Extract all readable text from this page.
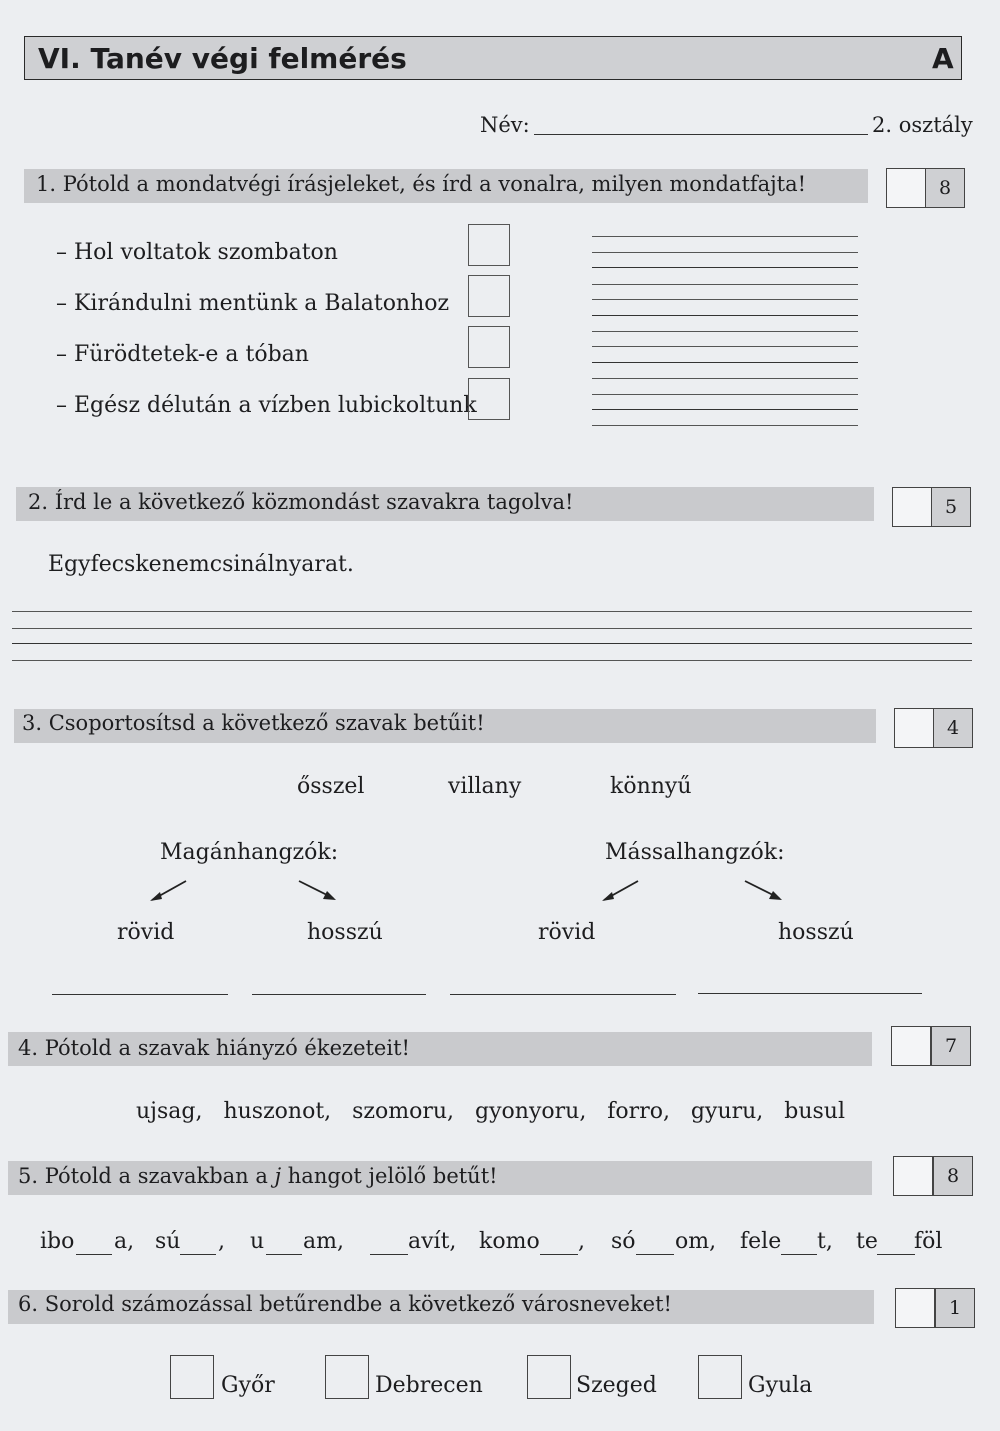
VI. Tanév végi felmérés	A
Név:	2. osztály
1. Pótold a mondatvégi írásjeleket, és írd a vonalra, milyen mondatfajta!	8
– Hol voltatok szombaton
– Kirándulni mentünk a Balatonhoz
– Fürödtetek-e a tóban
– Egész délután a vízben lubickoltunk
2. Írd le a következő közmondást szavakra tagolva!	5
Egyfecskenemcsinálnyarat.
3. Csoportosítsd a következő szavak betűit!	4
ősszel	villany	könnyű
Magánhangzók:	Mássalhangzók:
rövid	hosszú	rövid	hosszú
4. Pótold a szavak hiányzó ékezeteit!	7
ujsag,   huszonot,   szomoru,   gyonyoru,   forro,   gyuru,   busul
5. Pótold a szavakban a j hangot jelölő betűt!	8
ibo a, sú , u am,	avít, komo , só om, fele t, te föl
6. Sorold számozással betűrendbe a következő városneveket!	1
Győr	Debrecen	Szeged	Gyula
